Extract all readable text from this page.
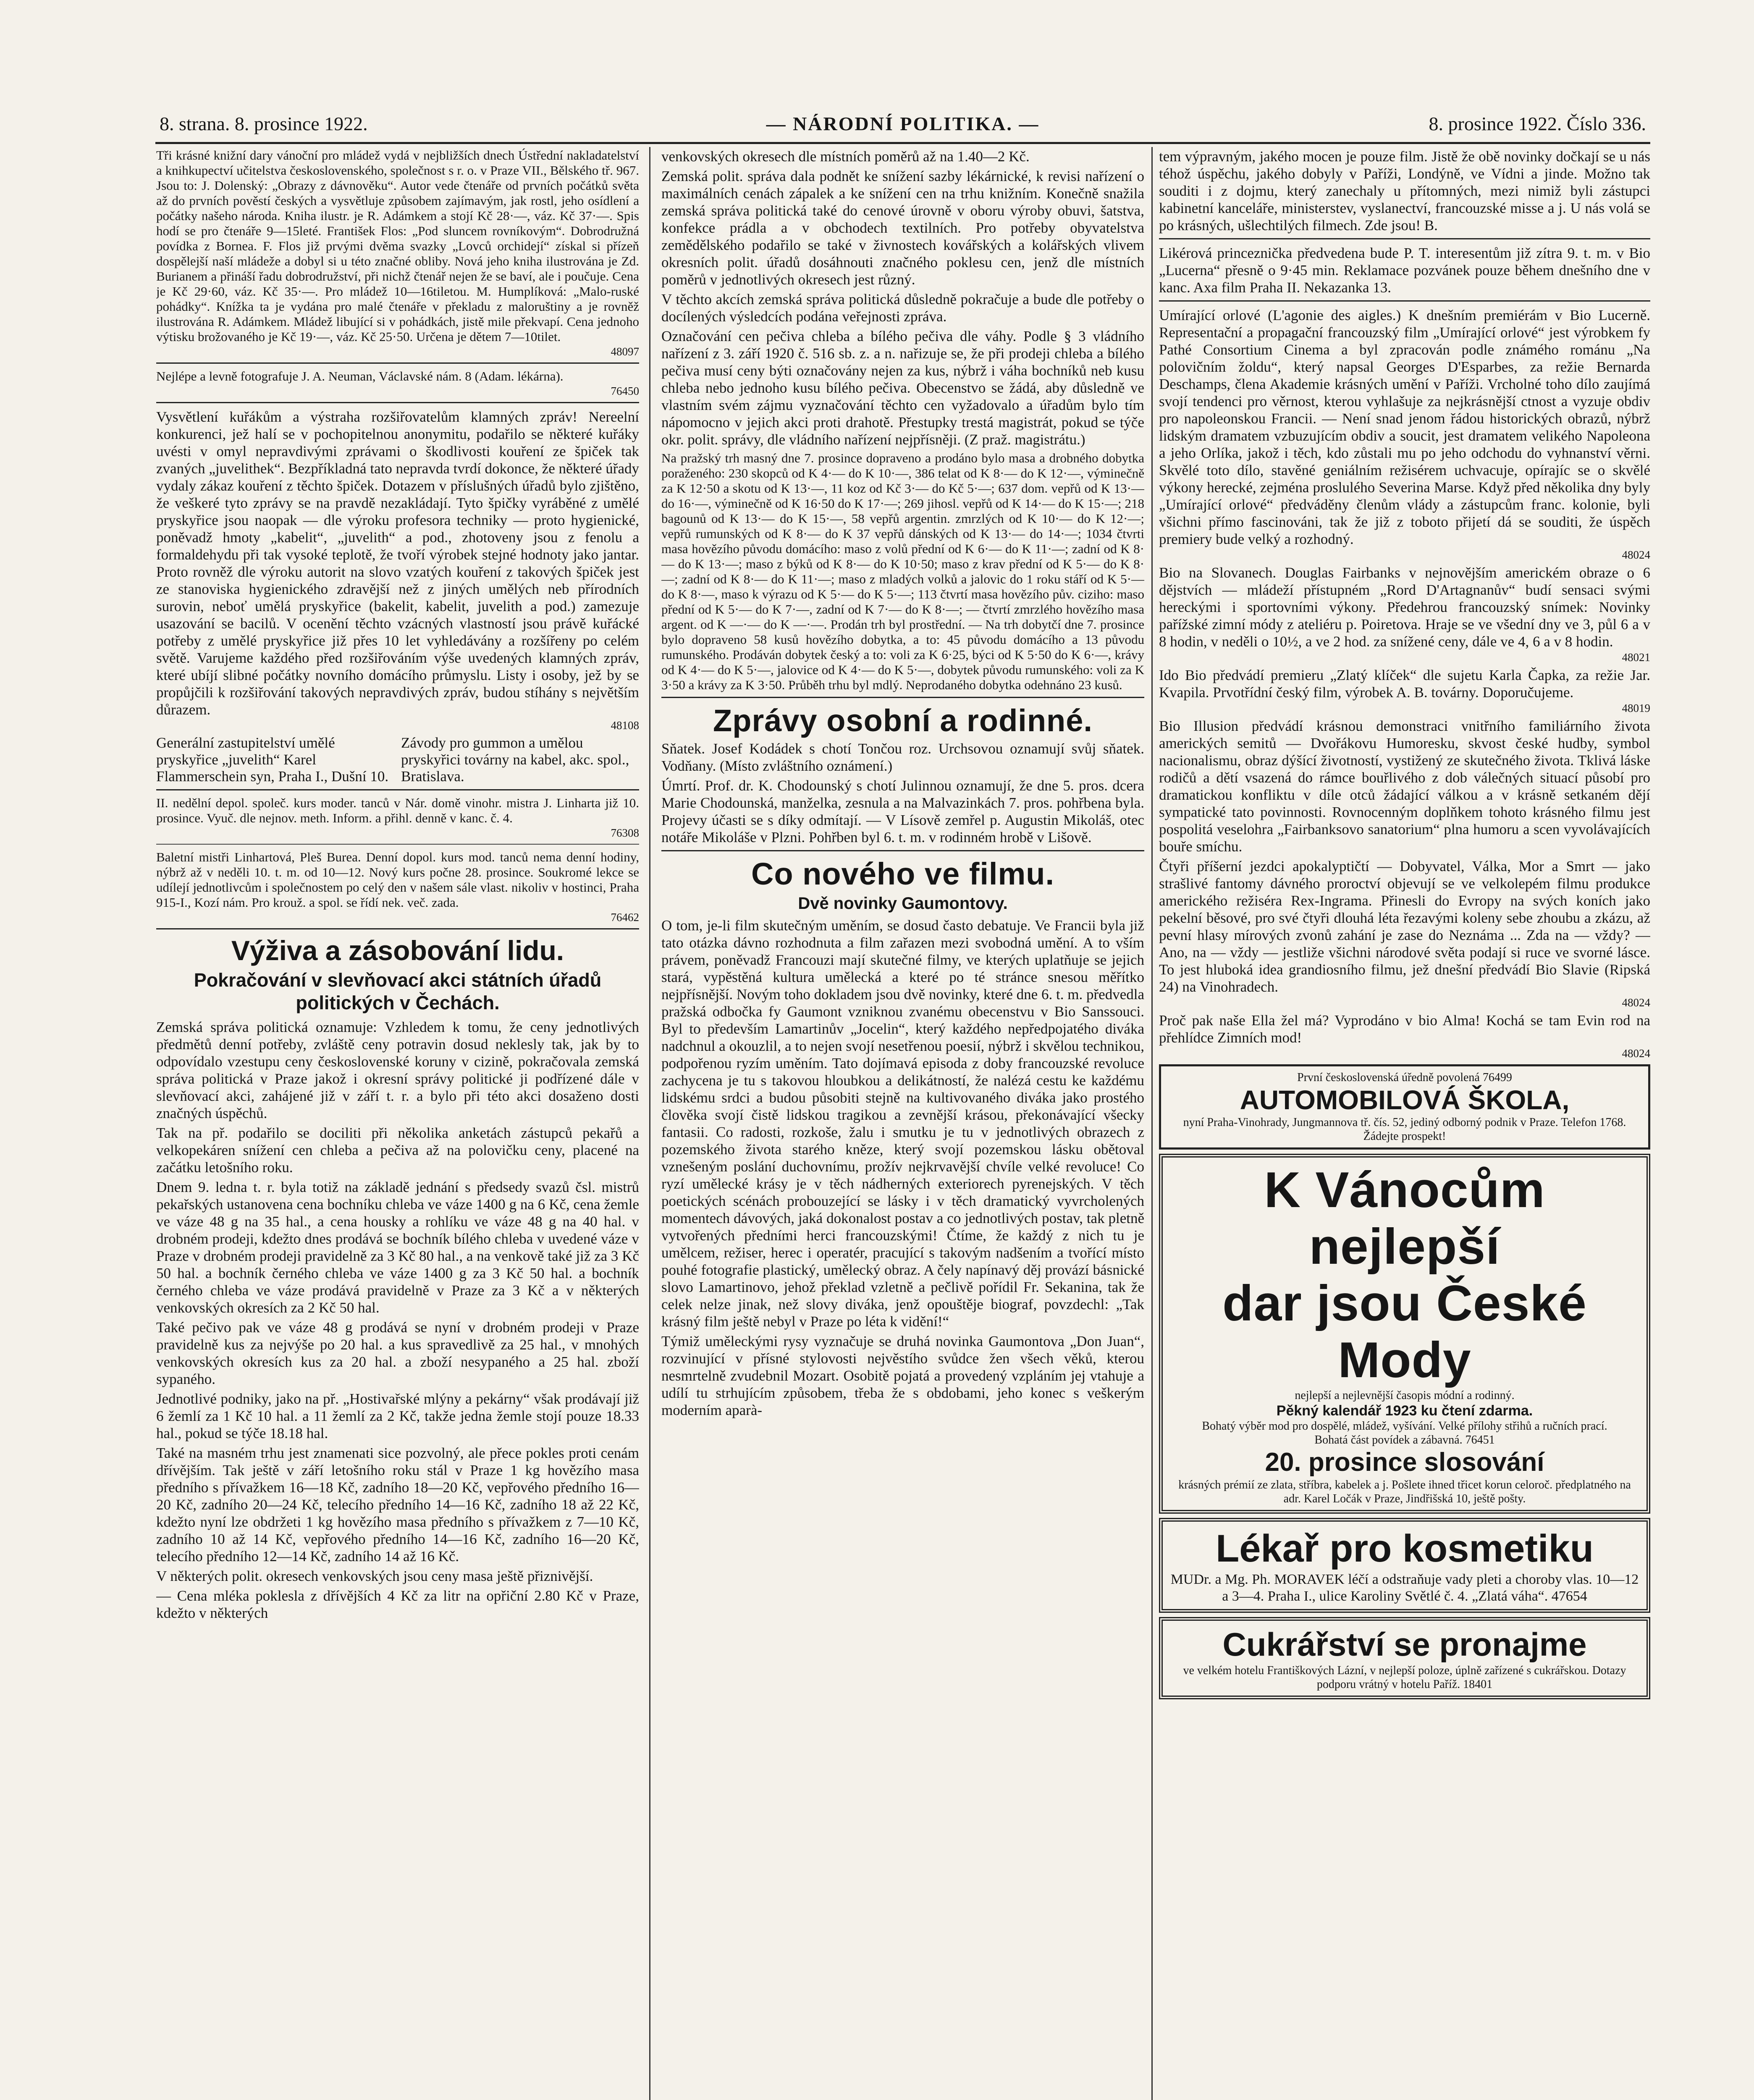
8. strana. 8. prosince 1922.	— NÁRODNÍ POLITIKA. —	8. prosince 1922. Číslo 336.

Tři krásné knižní dary vánoční pro mládež vydá v nejbližších dnech Ústřední nakladatelství a knihkupectví učitelstva československého, společnost s r. o. v Praze VII., Bělského tř. 967. Jsou to: J. Dolenský: „Obrazy z dávnověku“. Autor vede čtenáře od prvních počátků světa až do prvních pověstí českých a vysvětluje způsobem zajímavým, jak rostl, jeho osídlení a počátky našeho národa. Kniha ilustr. je R. Adámkem a stojí Kč 28·—, váz. Kč 37·—. Spis hodí se pro čtenáře 9—15leté. František Flos: „Pod sluncem rovníkovým“. Dobrodružná povídka z Bornea. F. Flos již prvými dvěma svazky „Lovců orchidejí“ získal si přízeň dospělejší naší mládeže a dobyl si u této značné obliby. Nová jeho kniha ilustrována je Zd. Burianem a přináší řadu dobrodružství, při nichž čtenář nejen že se baví, ale i poučuje. Cena je Kč 29·60, váz. Kč 35·—. Pro mládež 10—16tiletou. M. Humplíková: „Malo-ruské pohádky“. Knížka ta je vydána pro malé čtenáře v překladu z maloruštiny a je rovněž ilustrována R. Adámkem. Mládež libující si v pohádkách, jistě mile překvapí. Cena jednoho výtisku brožovaného je Kč 19·—, váz. Kč 25·50. Určena je dětem 7—10tilet.

48097

Nejlépe a levně fotografuje J. A. Neuman, Václavské nám. 8 (Adam. lékárna).

76450

Vysvětlení kuřákům a výstraha rozšiřovatelům klamných zpráv! Nereelní konkurenci, jež halí se v pochopitelnou anonymitu, podařilo se některé kuřáky uvésti v omyl nepravdivými zprávami o škodlivosti kouření ze špiček tak zvaných „juvelithek“. Bezpříkladná tato nepravda tvrdí dokonce, že některé úřady vydaly zákaz kouření z těchto špiček. Dotazem v příslušných úřadů bylo zjištěno, že veškeré tyto zprávy se na pravdě nezakládají. Tyto špičky vyráběné z umělé pryskyřice jsou naopak — dle výroku profesora techniky — proto hygienické, poněvadž hmoty „kabelit“, „juvelith“ a pod., zhotoveny jsou z fenolu a formaldehydu při tak vysoké teplotě, že tvoří výrobek stejné hodnoty jako jantar. Proto rovněž dle výroku autorit na slovo vzatých kouření z takových špiček jest ze stanoviska hygienického zdravější než z jiných umělých neb přírodních surovin, neboť umělá pryskyřice (bakelit, kabelit, juvelith a pod.) zamezuje usazování se bacilů. V ocenění těchto vzácných vlastností jsou právě kuřácké potřeby z umělé pryskyřice již přes 10 let vyhledávány a rozšířeny po celém světě. Varujeme každého před rozšiřováním výše uvedených klamných zpráv, které ubíjí slibné počátky novního domácího průmyslu. Listy i osoby, jež by se propůjčili k rozšiřování takových nepravdivých zpráv, budou stíhány s největším důrazem.

48108
Generální zastupitelství umělé pryskyřice „juvelith“ Karel Flammerschein syn, Praha I., Dušní 10.
Závody pro gummon a umělou pryskyřici továrny na kabel, akc. spol., Bratislava.

II. nedělní depol. společ. kurs moder. tanců v Nár. domě vinohr. mistra J. Linhartа již 10. prosince. Vyuč. dle nejnov. meth. Inform. a přihl. denně v kanc. č. 4.

76308

Baletní mistři Linhartová, Pleš Burea. Denní dopol. kurs mod. tanců nema denní hodiny, nýbrž až v neděli 10. t. m. od 10—12. Nový kurs počne 28. prosince. Soukromé lekce se udílejí jednotlivcům i společnostem po celý den v našem sále vlast. nikoliv v hostinci, Praha 915-I., Kozí nám. Pro krouž. a spol. se řídí nek. več. zada.

76462
Výživa a zásobování lidu.
Pokračování v slevňovací akci státních úřadů politických v Čechách.

Zemská správa politická oznamuje: Vzhledem k tomu, že ceny jednotlivých předmětů denní potřeby, zvláště ceny potravin dosud nekleslу tak, jak by to odpovídalo vzestupu ceny československé koruny v cizině, pokračovala zemská správa politická v Praze jakož i okresní správy politické ji podřízené dále v slevňovací akci, zahájené již v září t. r. a bylo při této akci dosaženo dosti značných úspěchů.

Tak na př. podařilo se dociliti při několika anketách zástupců pekařů a velkopekáren snížení cen chleba a pečiva až na polovičku ceny, placené na začátku letošního roku.

Dnem 9. ledna t. r. byla totiž na základě jednání s předsedy svazů čsl. mistrů pekařských ustanovena cena bochníku chleba ve váze 1400 g na 6 Kč, cena žemle ve váze 48 g na 35 hal., a cena housky a rohlíku ve váze 48 g na 40 hal. v drobném prodeji, kdežto dnes prodává se bochník bílého chleba v uvedené váze v Praze v drobném prodeji pravidelně za 3 Kč 80 hal., a na venkově také již za 3 Kč 50 hal. a bochník černého chleba ve váze 1400 g za 3 Kč 50 hal. a bochník černého chleba ve váze prodává pravidelně v Praze za 3 Kč a v některých venkovských okresích za 2 Kč 50 hal.

Také pečivo pak ve váze 48 g prodává se nyní v drobném prodeji v Praze pravidelně kus za nejvýše po 20 hal. a kus spravedlivě za 25 hal., v mnohých venkovských okresích kus za 20 hal. a zboží nesypaného a 25 hal. zboží sypaného.

Jednotlivé podniky, jako na př. „Hostivařské mlýny a pekárny“ však prodávají již 6 žemlí za 1 Kč 10 hal. a 11 žemlí za 2 Kč, takže jedna žemle stojí pouze 18.33 hal., pokud se týče 18.18 hal.

Také na masném trhu jest znamenati sice pozvolný, ale přece pokles proti cenám dřívějším. Tak ještě v září letošního roku stál v Praze 1 kg hovězího masa předního s přívažkem 16—18 Kč, zadního 18—20 Kč, vepřového předního 16—20 Kč, zadního 20—24 Kč, telecího předního 14—16 Kč, zadního 18 až 22 Kč, kdežto nyní lze obdržeti 1 kg hovězího masa předního s přívažkem z 7—10 Kč, zadního 10 až 14 Kč, vepřového předního 14—16 Kč, zadního 16—20 Kč, telecího předního 12—14 Kč, zadního 14 až 16 Kč.

V některých polit. okresech venkovských jsou ceny masa ještě přiznivější.

— Cena mléka poklesla z dřívějších 4 Kč za litr na opřiční 2.80 Kč v Praze, kdežto v některých

venkovských okresech dle místních poměrů až na 1.40—2 Kč.

Zemská polit. správa dala podnět ke snížení sazby lékárnické, k revisi nařízení o maximálních cenách zápalek a ke snížení cen na trhu knižním. Konečně snažila zemská správa politická také do cenové úrovně v oboru výroby obuvi, šatstva, konfekce prádla a v obchodech textilních. Pro potřeby obyvatelstva zemědělského podařilo se také v živnostech kovářských a kolářských vlivem okresních polit. úřadů dosáhnouti značného poklesu cen, jenž dle místních poměrů v jednotlivých okresech jest různý.

V těchto akcích zemská správa politická důsledně pokračuje a bude dle potřeby o docílených výsledcích podána veřejnosti zpráva.

Označování cen pečiva chleba a bílého pečiva dle váhy. Podle § 3 vládního nařízení z 3. září 1920 č. 516 sb. z. a n. nařizuje se, že při prodeji chleba a bílého pečiva musí ceny býti označovány nejen za kus, nýbrž i váha bochníků neb kusu chleba nebo jednoho kusu bílého pečiva. Obecenstvo se žádá, aby důsledně ve vlastním svém zájmu vyznačování těchto cen vyžadovalo a úřadům bylo tím nápomocno v jejich akci proti drahotě. Přestupky trestá magistrát, pokud se týče okr. polit. správy, dle vládního nařízení nejpřísněji. (Z praž. magistrátu.)

Na pražský trh masný dne 7. prosince dopraveno a prodáno bylo masa a drobného dobytka poraženého: 230 skopců od K 4·— do K 10·—, 386 telat od K 8·— do K 12·—, výminečně za K 12·50 a skotu od K 13·—, 11 koz od Kč 3·— do Kč 5·—; 637 dom. vepřů od K 13·— do 16·—, výminečně od K 16·50 do K 17·—; 269 jihosl. vepřů od K 14·— do K 15·—; 218 bagounů od K 13·— do K 15·—, 58 vepřů argentin. zmrzlých od K 10·— do K 12·—; vepřů rumunských od K 8·— do K 37 vepřů dánských od K 13·— do 14·—; 1034 čtvrti masa hovězího původu domácího: maso z volů přední od K 6·— do K 11·—; zadní od K 8·— do K 13·—; maso z býků od K 8·— do K 10·50; maso z krav přední od K 5·— do K 8·—; zadní od K 8·— do K 11·—; maso z mladých volků a jalovic do 1 roku stáří od K 5·— do K 8·—, maso k výrazu od K 5·— do K 5·—; 113 čtvrtí masa hovězího pův. ciziho: maso přední od K 5·— do K 7·—, zadní od K 7·— do K 8·—; — čtvrtí zmrzlého hovězího masa argent. od K —·— do K —·—. Prodán trh byl prostřední. — Na trh dobytčí dne 7. prosince bylo dopraveno 58 kusů hovězího dobytka, a to: 45 původu domácího a 13 původu rumunského. Prodáván dobytek český a to: voli za K 6·25, býci od K 5·50 do K 6·—, krávy od K 4·— do K 5·—, jalovice od K 4·— do K 5·—, dobytek původu rumunského: voli za K 3·50 a krávy za K 3·50. Průběh trhu byl mdlý. Neprodaného dobytka odehnáno 23 kusů.

Zprávy osobní a rodinné.

Sňatek. Josef Kodádek s chotí Tončou roz. Urchsovou oznamují svůj sňatek. Vodňany. (Místo zvláštního oznámení.)

Úmrtí. Prof. dr. K. Chodounský s chotí Julinnou oznamují, že dne 5. pros. dcera Marie Chodounská, manželka, zesnula a na Malvazinkách 7. pros. pohřbena byla. Projevy účasti se s díky odmítají. — V Lísově zemřel p. Augustin Mikoláš, otec notáře Mikoláše v Plzni. Pohřben byl 6. t. m. v rodinném hrobě v Lišově.

Co nového ve filmu.
Dvě novinky Gaumontovy.

O tom, je-li film skutečným uměním, se dosud často debatuje. Ve Francii byla již tato otázka dávno rozhodnuta a film zařazen mezi svobodná umění. A to vším právem, poněvadž Francouzi mají skutečné filmy, ve kterých uplatňuje se jejich stará, vypěstěná kultura umělecká a které po té stránce snesou měřítko nejpřísnější. Novým toho dokladem jsou dvě novinky, které dne 6. t. m. předvedla pražská odbočka fy Gaumont vzniknou zvanému obecenstvu v Bio Sanssouci. Byl to především Lamartinův „Jocelin“, který každého nepředpojatého diváka nadchnul a okouzlil, a to nejen svojí nesetřenou poesií, nýbrž i skvělou technikou, podpořenou ryzím uměním. Tato dojímavá episoda z doby francouzské revoluce zachycena je tu s takovou hloubkou a delikátností, že nalézá cestu ke každému lidskému srdci a budou působiti stejně na kultivovaného diváka jako prostého člověka svojí čistě lidskou tragikou a zevnější krásou, překonávající všecky fantasii. Co radosti, rozkoše, žalu i smutku je tu v jednotlivých obrazech z pozemského životа starého kněze, který svojí pozemskou lásku obětoval vznešeným poslání duchovnímu, prožív nejkrvavější chvíle velké revoluce! Co ryzí umělecké krásy je v těch nádherných exteriorech pyrenejských. V těch poetických scénách probouzející se lásky i v těch dramatický vyvrcholených momentech dávových, jaká dokonalost postav a co jednotlivých postav, tak pletně vytvořených předními herci francouzskými! Čtíme, že každý z nich tu je umělcem, režiser, herec i operatér, pracující s takovým nadšením a tvořící místo pouhé fotografie plastický, umělecký obraz. A čely napínavý děj provází básnické slovo Lamartinovo, jehož překlad vzletně a pečlivě pořídil Fr. Sekanina, tak že celek nelze jinak, než slovy diváka, jenž opouštěje biograf, povzdechl: „Tak krásný film ještě nebyl v Praze po léta k vidění!“

Týmiž uměleckými rysy vyznačuje se druhá novinka Gaumontova „Don Juan“, rozvinující v přísné stylovosti nejvěstího svůdce žen všech věků, kterou nesmrtelně zvudebnil Mozart. Osobitě pojatá a provedený vzpláním jej vtahuje a udílí tu strhujícím způsobem, třeba že s obdobami, jeho konec s veškerým moderním aparà-

tem výpravným, jakého mocen je pouze film. Jistě že obě novinky dočkají se u nás téhož úspěchu, jakého dobyly v Paříži, Londýně, ve Vídni a jinde. Možno tak souditi i z dojmu, který zanechaly u přítomných, mezi nimiž byli zástupci kabinetní kanceláře, ministerstev, vyslanectví, francouzské misse a j. U nás volá se po krásných, ušlechtilých filmech. Zde jsou! B.

Likérová princeznička předvedena bude P. T. interesentům již zítra 9. t. m. v Bio „Lucerna“ přesně o 9·45 min. Reklamace pozvánek pouze během dnešního dne v kanc. Axa film Praha II. Nekazanka 13.

Umírající orlové (L'agonie des aigles.) K dnešním premiérám v Bio Lucerně. Representační a propagační francouzský film „Umírající orlové“ jest výrobkem fy Pathé Consortium Cinema a byl zpracován podle známého románu „Na polovičním žoldu“, který napsal Georges D'Esparbes, za režie Bernarda Deschamps, člena Akademie krásných umění v Paříži. Vrcholné toho dílo zaujímá svojí tendenci pro věrnost, kterou vyhlašuje za nejkrásnější ctnost a vyzuje obdiv pro napoleonskou Francii. — Není snad jenom řádou historických obrazů, nýbrž lidským dramatem vzbuzujícím obdiv a soucit, jest dramatem velikého Napoleona a jeho Orlíka, jakož i těch, kdo zůstali mu po jeho odchodu do vyhnanství věrni. Skvělé toto dílo, stavěné geniálním režisérem uchvacuje, opírajíc se o skvělé výkony herecké, zejména proslulého Severina Marse. Když před několika dny byly „Umírající orlové“ předváděny členům vlády a zástupcům franc. kolonie, byli všichni přímo fascinováni, tak že již z toboto přijetí dá se souditi, že úspěch premiery bude velký a rozhodný.

48024

Bio na Slovanech. Douglas Fairbanks v nejnovějším americkém obraze o 6 dějstvích — mládeží přístupném „Rord D'Artagnanův“ budí sensaci svými hereckými i sportovními výkony. Předehrou francouzský snímek: Novinky pařížské zimní módy z ateliéru p. Poiretova. Hraje se ve všední dny ve 3, půl 6 a v 8 hodin, v neděli o 10½, a ve 2 hod. za snížené ceny, dále ve 4, 6 a v 8 hodin.

48021

Ido Bio předvádí premieru „Zlatý klíček“ dle sujetu Karla Čapka, za režie Jar. Kvapila. Prvotřídní český film, výrobek A. B. továrny. Doporučujeme.

48019

Bio Illusion předvádí krásnou demonstraci vnitřního familiárního života amerických semitů — Dvořákovu Humoresku, skvost české hudby, symbol nacionalismu, obraz dýšící životností, vystižený ze skutečného života. Tklivá láske rodičů a dětí vsazená do rámce bouřlivého z dob válečných situací působí pro dramatickou konfliktu v díle otců žádající válkou a v krásně setkaném dějí sympatické tato povinnosti. Rovnocenným doplňkem tohoto krásného filmu jest pospolitá veselohra „Fairbanksovo sanatorium“ plna humoru a scen vyvolávajících bouře smíchu.

Čtyři příšerní jezdci apokalyptičtí — Dobyvatel, Válka, Mor a Smrt — jako strašlivé fantomy dávného proroctví objevují se ve velkolepém filmu produkce amerického režiséra Rex-Ingrama. Přinesli do Evropy na svých koních jako pekelní běsové, pro své čtyři dlouhá léta řezavými koleny sebe zhoubu a zkázu, až pevní hlasy mírových zvonů zahání je zase do Neznáma ... Zda na — vždy? — Ano, na — vždy — jestliže všichni národové světa podají si ruce ve svorné lásce. To jest hluboká idea grandiosního filmu, jež dnešní předvádí Bio Slavie (Ripská 24) na Vinohradech.

48024

Proč pak naše Ella žel má? Vyprodáno v bio Alma! Kochá se tam Evin rod na přehlídce Zimních mod!

48024
První československá úředně povolená 76499
AUTOMOBILOVÁ ŠKOLA,
nyní Praha-Vinohrady, Jungmannova tř. čís. 52, jediný odborný podnik v Praze. Telefon 1768. Žádejte prospekt!
K Vánocům nejlepší
dar jsou České Mody
nejlepší a nejlevnější časopis módní a rodinný.
Pěkný kalendář 1923 ku čtení zdarma.
Bohatý výběr mod pro dospělé, mládež, vyšívání. Velké přílohy střihů a ručních prací.
Bohatá část povídek a zábavná. 76451
20. prosince slosování
krásných prémií ze zlata, stříbra, kabelek a j. Pošlete ihned třicet korun celoroč. předplatného na adr. Karel Ločák v Praze, Jindřišská 10, ještě pošty.
Lékař pro kosmetiku
MUDr. a Mg. Ph. MORAVEK léčí a odstraňuje vady pleti a choroby vlas. 10—12 a 3—4. Praha I., ulice Karoliny Světlé č. 4. „Zlatá váha“. 47654
Cukrářství se pronajme
ve velkém hotelu Františkových Lázní, v nejlepší poloze, úplně zařízené s cukrářskou. Dotazy podporu vrátný v hotelu Paříž. 18401
